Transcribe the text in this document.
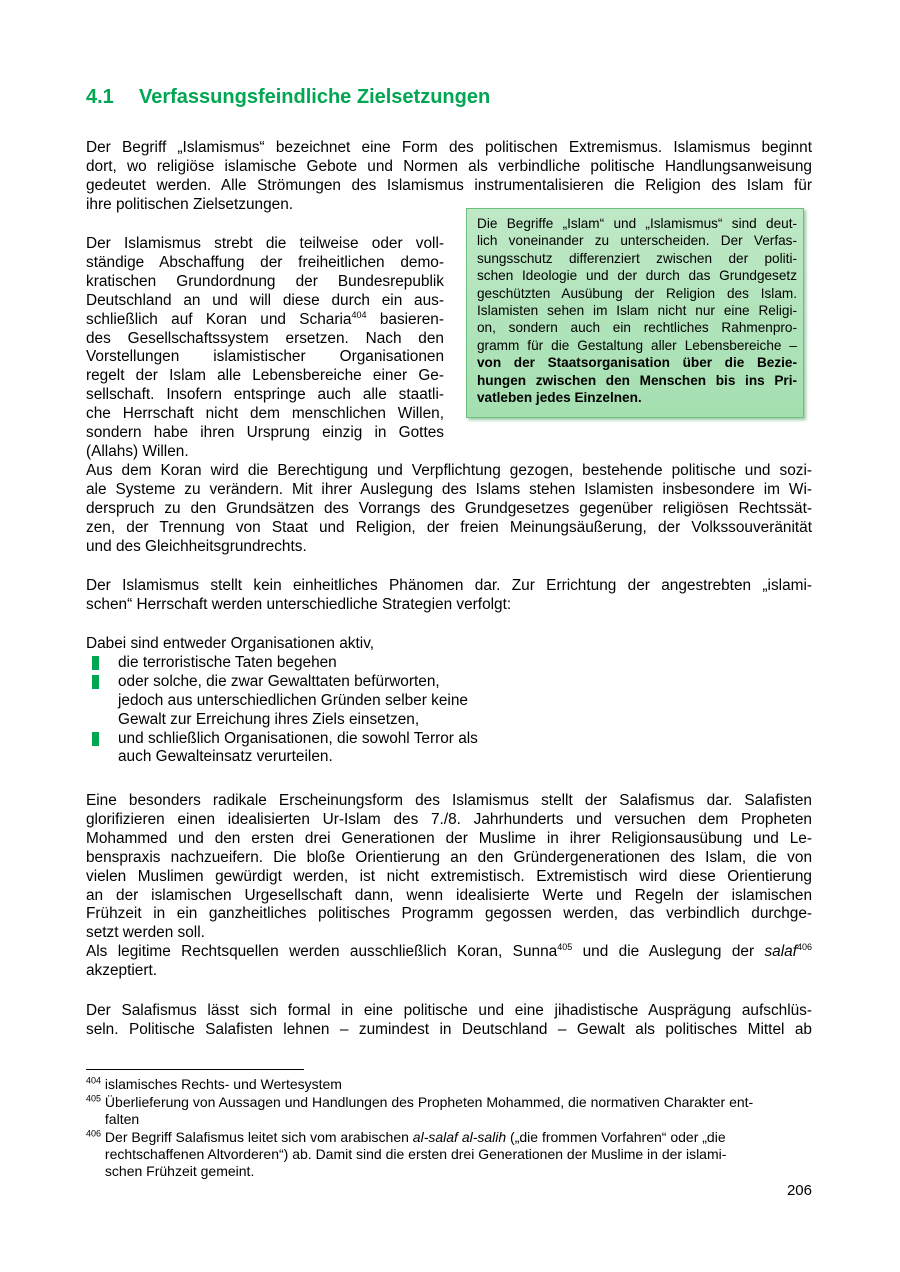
4.1 Verfassungsfeindliche Zielsetzungen
Der Begriff „Islamismus“ bezeichnet eine Form des politischen Extremismus. Islamismus beginnt
dort, wo religiöse islamische Gebote und Normen als verbindliche politische Handlungsanweisung
gedeutet werden. Alle Strömungen des Islamismus instrumentalisieren die Religion des Islam für
ihre politischen Zielsetzungen.
Der Islamismus strebt die teilweise oder voll-
ständige Abschaffung der freiheitlichen demo-
kratischen Grundordnung der Bundesrepublik
Deutschland an und will diese durch ein aus-
schließlich auf Koran und Scharia$^{404}$ basieren-
des Gesellschaftssystem ersetzen. Nach den
Vorstellungen islamistischer Organisationen
regelt der Islam alle Lebensbereiche einer Ge-
sellschaft. Insofern entspringe auch alle staatli-
che Herrschaft nicht dem menschlichen Willen,
sondern habe ihren Ursprung einzig in Gottes
(Allahs) Willen.
Die Begriffe „Islam“ und „Islamismus“ sind deut-
lich voneinander zu unterscheiden. Der Verfas-
sungsschutz differenziert zwischen der politi-
schen Ideologie und der durch das Grundgesetz
geschützten Ausübung der Religion des Islam.
Islamisten sehen im Islam nicht nur eine Religi-
on, sondern auch ein rechtliches Rahmenpro-
gramm für die Gestaltung aller Lebensbereiche –
von der Staatsorganisation über die Bezie-
hungen zwischen den Menschen bis ins Pri-
vatleben jedes Einzelnen.
Aus dem Koran wird die Berechtigung und Verpflichtung gezogen, bestehende politische und sozi-
ale Systeme zu verändern. Mit ihrer Auslegung des Islams stehen Islamisten insbesondere im Wi-
derspruch zu den Grundsätzen des Vorrangs des Grundgesetzes gegenüber religiösen Rechtssät-
zen, der Trennung von Staat und Religion, der freien Meinungsäußerung, der Volkssouveränität
und des Gleichheitsgrundrechts.
Der Islamismus stellt kein einheitliches Phänomen dar. Zur Errichtung der angestrebten „islami-
schen“ Herrschaft werden unterschiedliche Strategien verfolgt:
Dabei sind entweder Organisationen aktiv,
die terroristische Taten begehen
oder solche, die zwar Gewalttaten befürworten,
jedoch aus unterschiedlichen Gründen selber keine
Gewalt zur Erreichung ihres Ziels einsetzen,
und schließlich Organisationen, die sowohl Terror als
auch Gewalteinsatz verurteilen.
Eine besonders radikale Erscheinungsform des Islamismus stellt der Salafismus dar. Salafisten
glorifizieren einen idealisierten Ur-Islam des 7./8. Jahrhunderts und versuchen dem Propheten
Mohammed und den ersten drei Generationen der Muslime in ihrer Religionsausübung und Le-
benspraxis nachzueifern. Die bloße Orientierung an den Gründergenerationen des Islam, die von
vielen Muslimen gewürdigt werden, ist nicht extremistisch. Extremistisch wird diese Orientierung
an der islamischen Urgesellschaft dann, wenn idealisierte Werte und Regeln der islamischen
Frühzeit in ein ganzheitliches politisches Programm gegossen werden, das verbindlich durchge-
setzt werden soll.
Als legitime Rechtsquellen werden ausschließlich Koran, Sunna$^{405}$ und die Auslegung der salaf$^{406}$
akzeptiert.
Der Salafismus lässt sich formal in eine politische und eine jihadistische Ausprägung aufschlüs-
seln. Politische Salafisten lehnen – zumindest in Deutschland – Gewalt als politisches Mittel ab
$^{404}$ islamisches Rechts- und Wertesystem
$^{405}$ Überlieferung von Aussagen und Handlungen des Propheten Mohammed, die normativen Charakter ent-
falten
$^{406}$ Der Begriff Salafismus leitet sich vom arabischen al-salaf al-salih („die frommen Vorfahren“ oder „die
rechtschaffenen Altvorderen“) ab. Damit sind die ersten drei Generationen der Muslime in der islami-
schen Frühzeit gemeint.
206
